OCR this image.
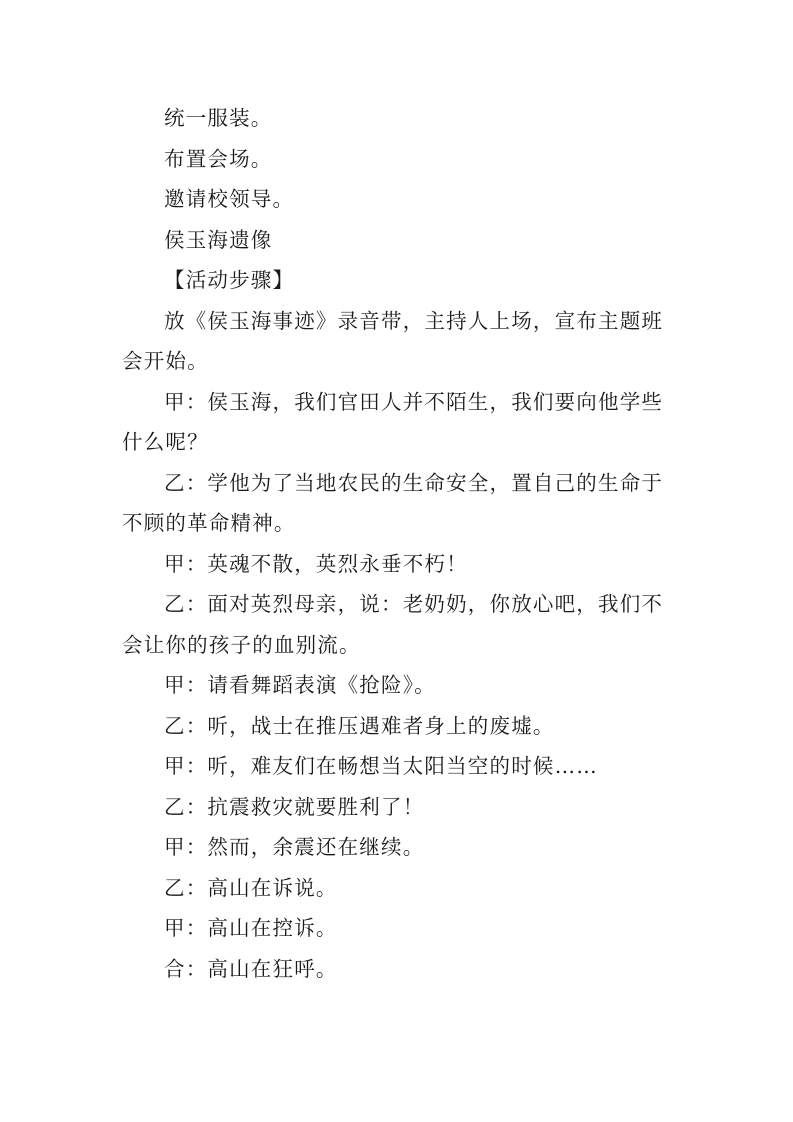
统一服装。

布置会场。

邀请校领导。

侯玉海遗像

【活动步骤】

放《侯玉海事迹》录音带，主持人上场，宣布主题班会开始。

甲：侯玉海，我们官田人并不陌生，我们要向他学些什么呢？

乙：学他为了当地农民的生命安全，置自己的生命于不顾的革命精神。

甲：英魂不散，英烈永垂不朽！

乙：面对英烈母亲，说：老奶奶，你放心吧，我们不会让你的孩子的血别流。

甲：请看舞蹈表演《抢险》。

乙：听，战士在推压遇难者身上的废墟。

甲：听，难友们在畅想当太阳当空的时候……

乙：抗震救灾就要胜利了！

甲：然而，余震还在继续。

乙：高山在诉说。

甲：高山在控诉。

合：高山在狂呼。
